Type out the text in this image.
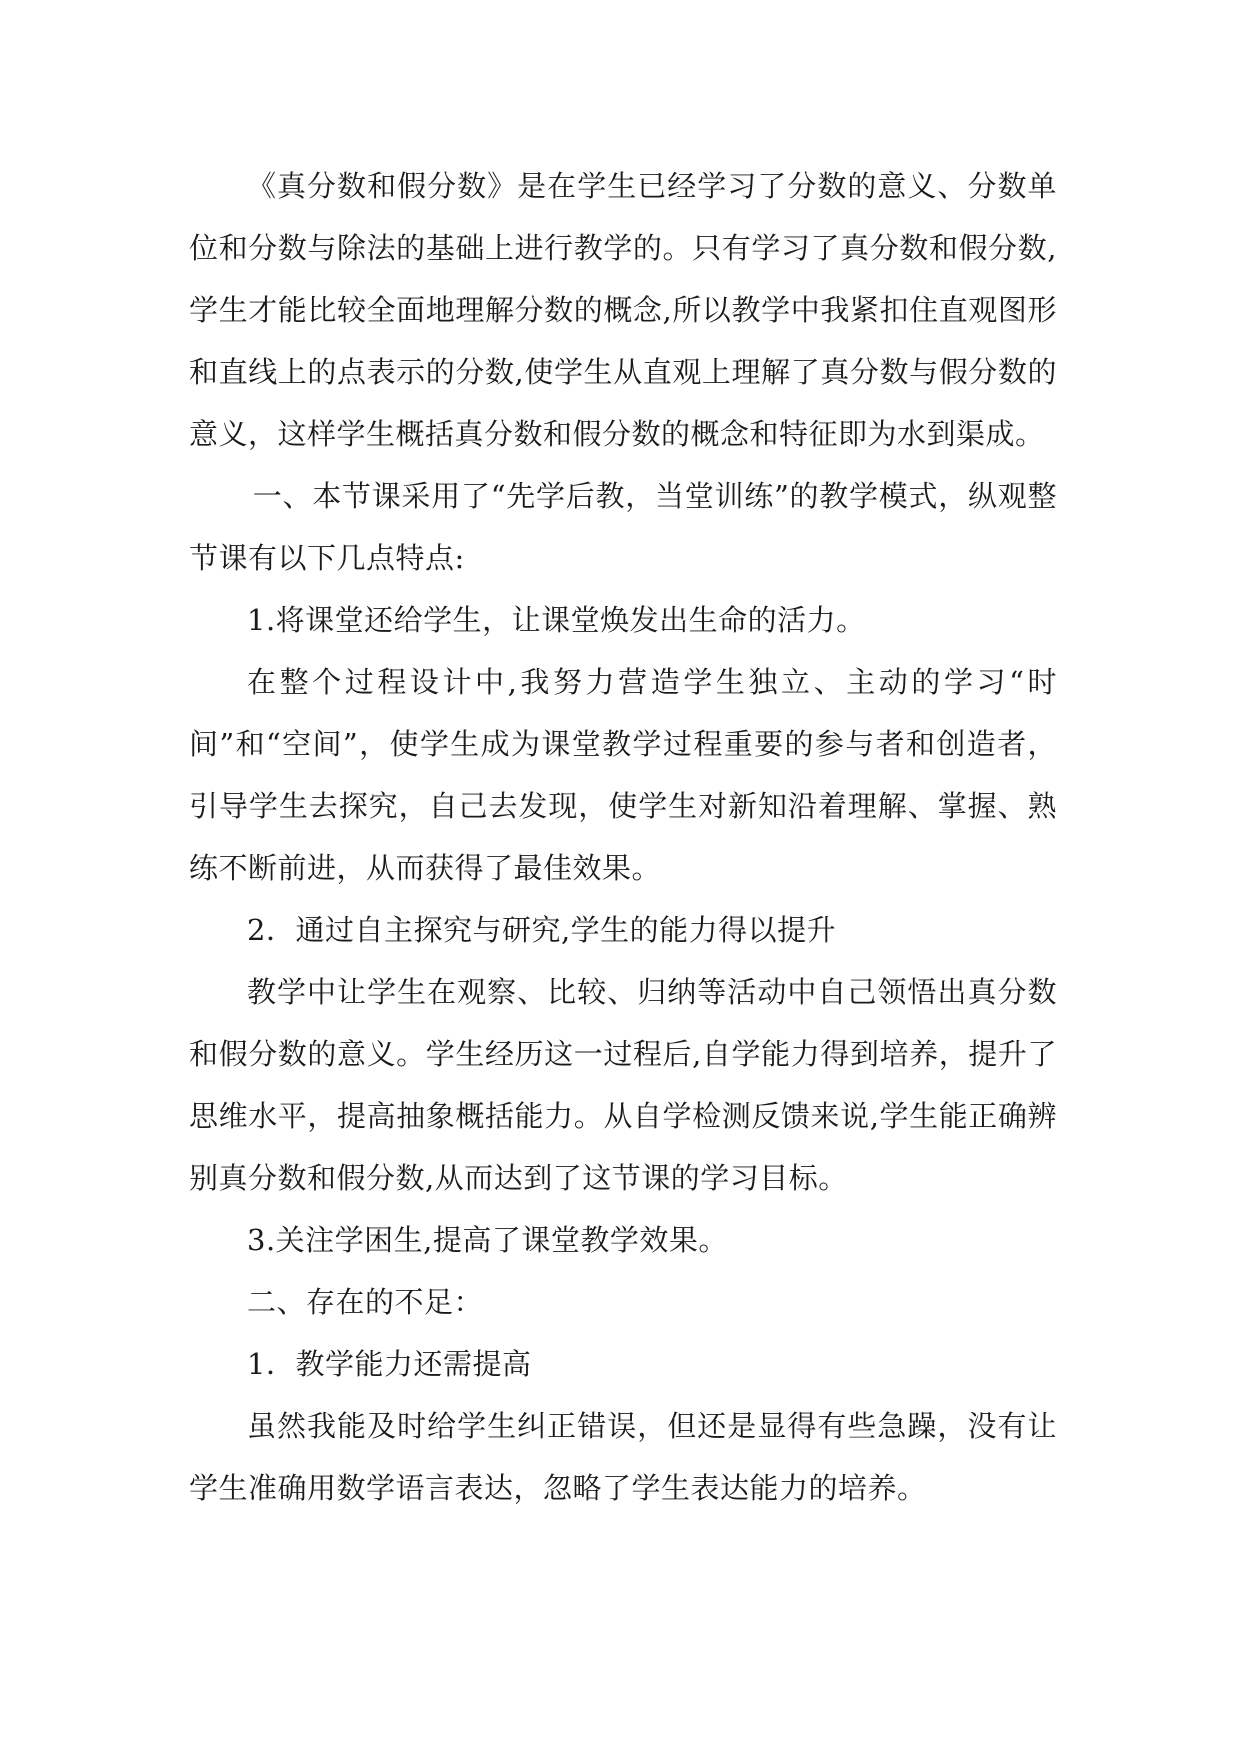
《真分数和假分数》是在学生已经学习了分数的意义、分数单位和分数与除法的基础上进行教学的。只有学习了真分数和假分数,学生才能比较全面地理解分数的概念,所以教学中我紧扣住直观图形和直线上的点表示的分数,使学生从直观上理解了真分数与假分数的意义，这样学生概括真分数和假分数的概念和特征即为水到渠成。

一、本节课采用了“先学后教，当堂训练”的教学模式，纵观整节课有以下几点特点:

1.将课堂还给学生，让课堂焕发出生命的活力。

在整个过程设计中,我努力营造学生独立、主动的学习“时间”和“空间”，使学生成为课堂教学过程重要的参与者和创造者，引导学生去探究，自己去发现，使学生对新知沿着理解、掌握、熟练不断前进，从而获得了最佳效果。

2．通过自主探究与研究,学生的能力得以提升

教学中让学生在观察、比较、归纳等活动中自己领悟出真分数和假分数的意义。学生经历这一过程后,自学能力得到培养，提升了思维水平，提高抽象概括能力。从自学检测反馈来说,学生能正确辨别真分数和假分数,从而达到了这节课的学习目标。

3.关注学困生,提高了课堂教学效果。

二、存在的不足：

1．教学能力还需提高

虽然我能及时给学生纠正错误，但还是显得有些急躁，没有让学生准确用数学语言表达，忽略了学生表达能力的培养。
